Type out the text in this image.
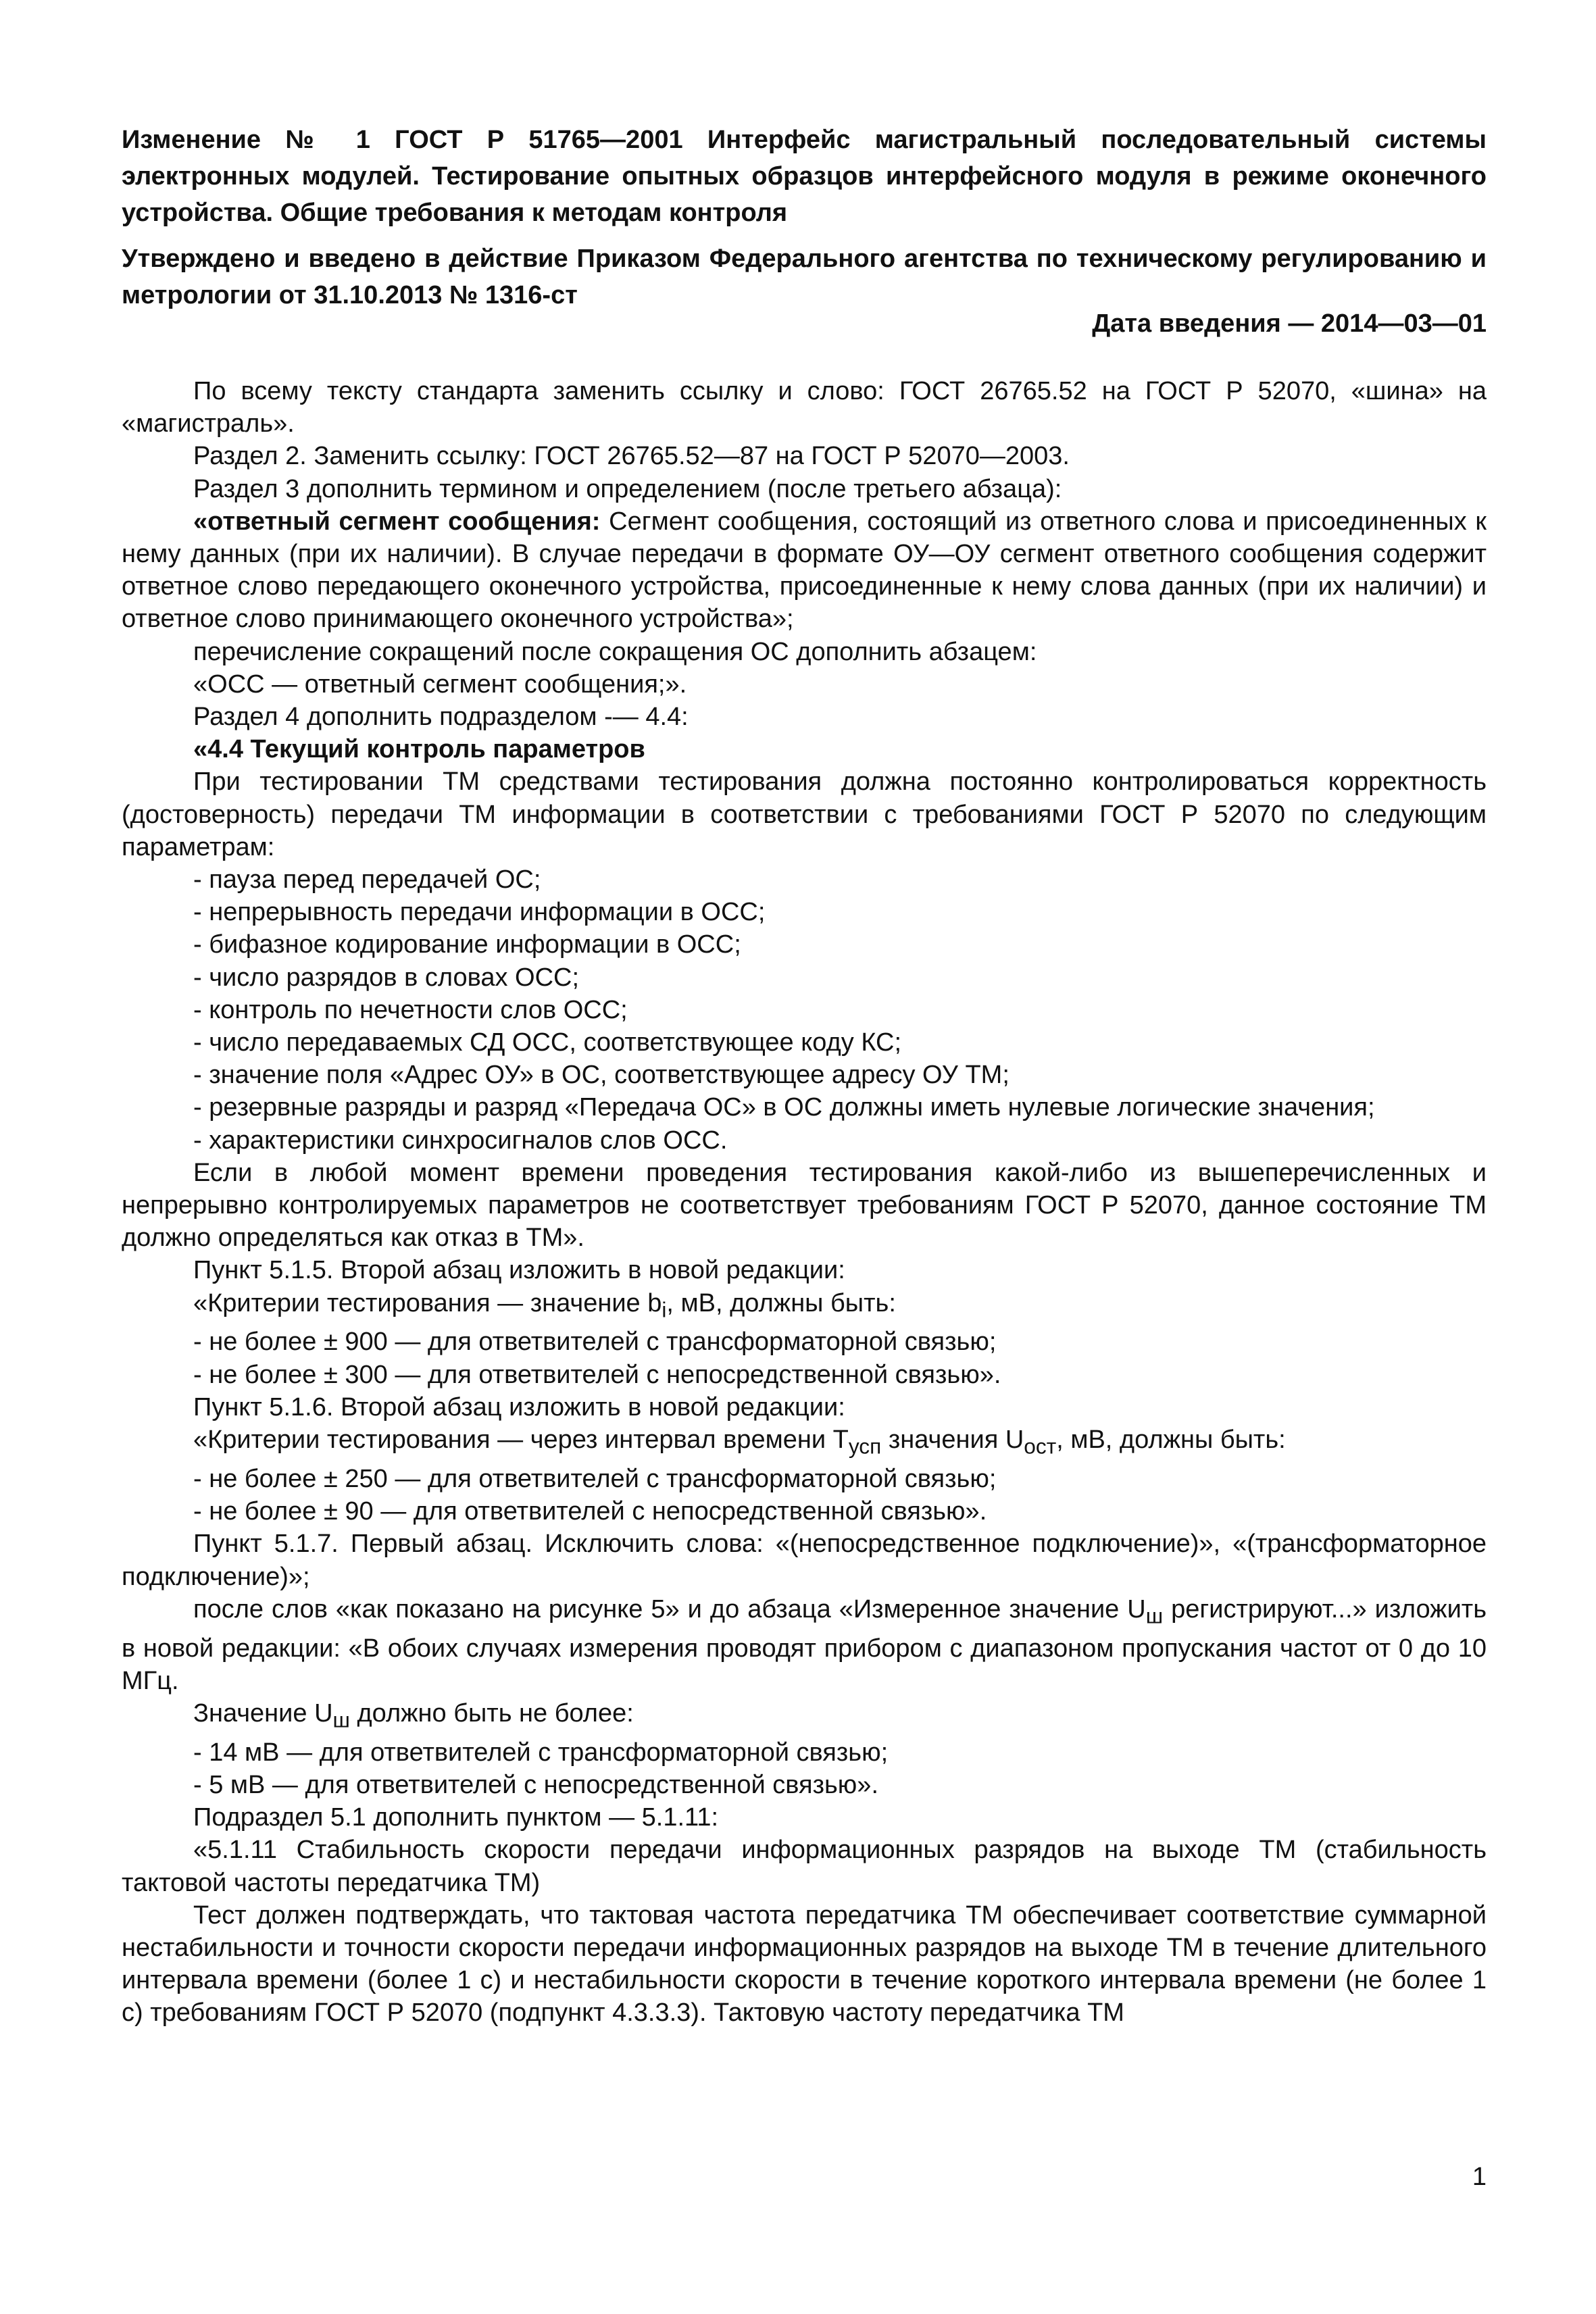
Изменение № 1 ГОСТ Р 51765—2001 Интерфейс магистральный последовательный системы электронных модулей. Тестирование опытных образцов интерфейсного модуля в режиме оконечного устройства. Общие требования к методам контроля

Утверждено и введено в действие Приказом Федерального агентства по техническому регулированию и метрологии от 31.10.2013 № 1316-ст

Дата введения — 2014—03—01

По всему тексту стандарта заменить ссылку и слово: ГОСТ 26765.52 на ГОСТ Р 52070, «шина» на «магистраль».

Раздел 2. Заменить ссылку: ГОСТ 26765.52—87 на ГОСТ Р 52070—2003.

Раздел 3 дополнить термином и определением (после третьего абзаца):

«ответный сегмент сообщения: Сегмент сообщения, состоящий из ответного слова и присоединенных к нему данных (при их наличии). В случае передачи в формате ОУ—ОУ сегмент ответного сообщения содержит ответное слово передающего оконечного устройства, присоединенные к нему слова данных (при их наличии) и ответное слово принимающего оконечного устройства»;

перечисление сокращений после сокращения ОС дополнить абзацем:

«ОСС — ответный сегмент сообщения;».

Раздел 4 дополнить подразделом -— 4.4:

«4.4 Текущий контроль параметров

При тестировании ТМ средствами тестирования должна постоянно контролироваться корректность (достоверность) передачи ТМ информации в соответствии с требованиями ГОСТ Р 52070 по следующим параметрам:

- пауза перед передачей ОС;

- непрерывность передачи информации в ОСС;

- бифазное кодирование информации в ОСС;

- число разрядов в словах ОСС;

- контроль по нечетности слов ОСС;

- число передаваемых СД ОСС, соответствующее коду КС;

- значение поля «Адрес ОУ» в ОС, соответствующее адресу ОУ ТМ;

- резервные разряды и разряд «Передача ОС» в ОС должны иметь нулевые логические значения;

- характеристики синхросигналов слов ОСС.

Если в любой момент времени проведения тестирования какой-либо из вышеперечисленных и непрерывно контролируемых параметров не соответствует требованиям ГОСТ Р 52070, данное состояние ТМ должно определяться как отказ в ТМ».

Пункт 5.1.5. Второй абзац изложить в новой редакции:

«Критерии тестирования — значение $b_i$, мВ, должны быть:

- не более ± 900 — для ответвителей с трансформаторной связью;

- не более ± 300 — для ответвителей с непосредственной связью».

Пункт 5.1.6. Второй абзац изложить в новой редакции:

«Критерии тестирования — через интервал времени $T_{усп}$ значения $U_{ост}$, мВ, должны быть:

- не более ± 250 — для ответвителей с трансформаторной связью;

- не более ± 90 — для ответвителей с непосредственной связью».

Пункт 5.1.7. Первый абзац. Исключить слова: «(непосредственное подключение)», «(трансформаторное подключение)»;

после слов «как показано на рисунке 5» и до абзаца «Измеренное значение $U_ш$ регистрируют...» изложить в новой редакции: «В обоих случаях измерения проводят прибором с диапазоном пропускания частот от 0 до 10 МГц.

Значение $U_ш$ должно быть не более:

- 14 мВ — для ответвителей с трансформаторной связью;

- 5 мВ — для ответвителей с непосредственной связью».

Подраздел 5.1 дополнить пунктом — 5.1.11:

«5.1.11 Стабильность скорости передачи информационных разрядов на выходе ТМ (стабильность тактовой частоты передатчика ТМ)

Тест должен подтверждать, что тактовая частота передатчика ТМ обеспечивает соответствие суммарной нестабильности и точности скорости передачи информационных разрядов на выходе ТМ в течение длительного интервала времени (более 1 с) и нестабильности скорости в течение короткого интервала времени (не более 1 с) требованиям ГОСТ Р 52070 (подпункт 4.3.3.3). Тактовую частоту передатчика ТМ

1
